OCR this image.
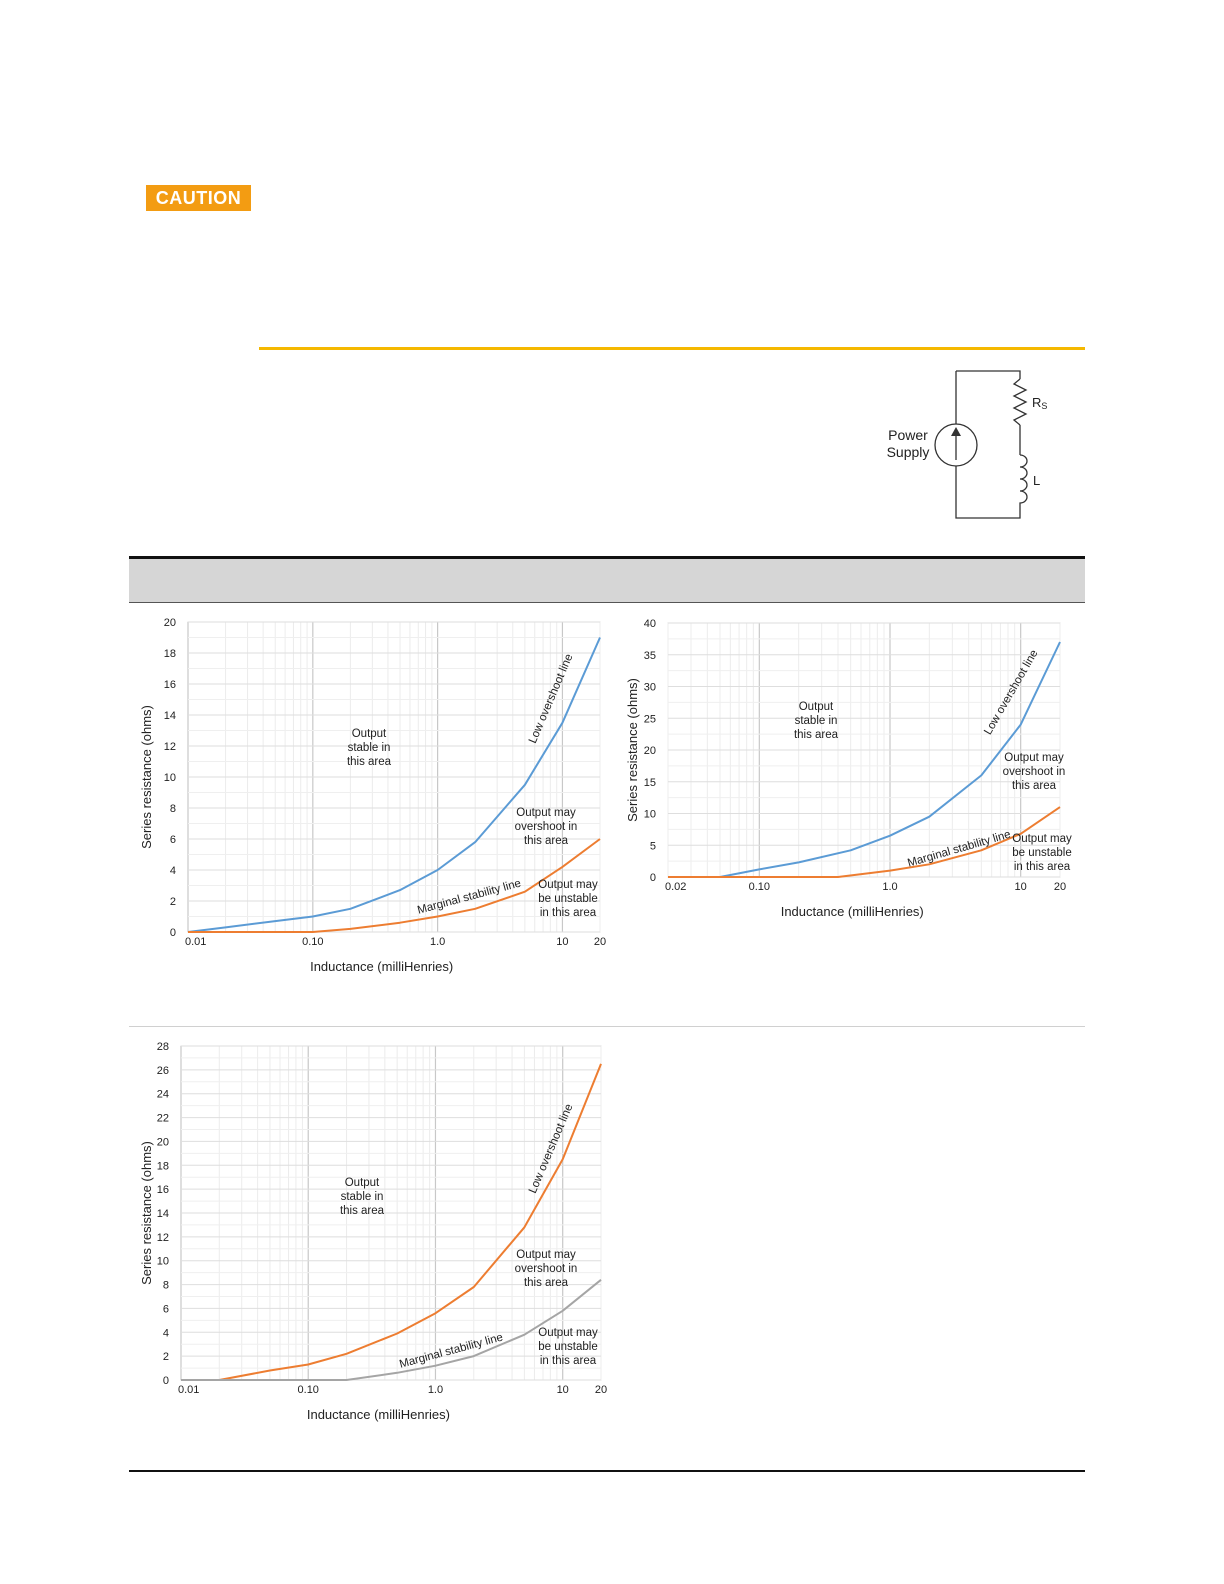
CAUTION
Power
Supply
RS
L
0
2
4
6
8
10
12
14
16
18
20
0.01	0.10	1.0	10 20
Inductance (milliHenries)
Series resistance (ohms)
Low overshoot line
Marginal stability line
Output
stable in
this area
Output may
overshoot in
this area
Output may
be unstable
in this area
0
5
10
15
20
25
30
35
40
0.02	0.10	1.0	10 20
Inductance (milliHenries)
Series resistance (ohms)	Low overshoot line
Marginal stability line
Output
stable in
this area
Output may
overshoot in
this area
Output may
be unstable
in this area
0
2
4
6
8
10
12
14
16
18
20
22
24
26
28
0.01	0.10	1.0	10 20
Inductance (milliHenries)
Series resistance (ohms)	Low overshoot line
Marginal stability line
Output
stable in
this area
Output may
overshoot in
this area
Output may
be unstable
in this area
